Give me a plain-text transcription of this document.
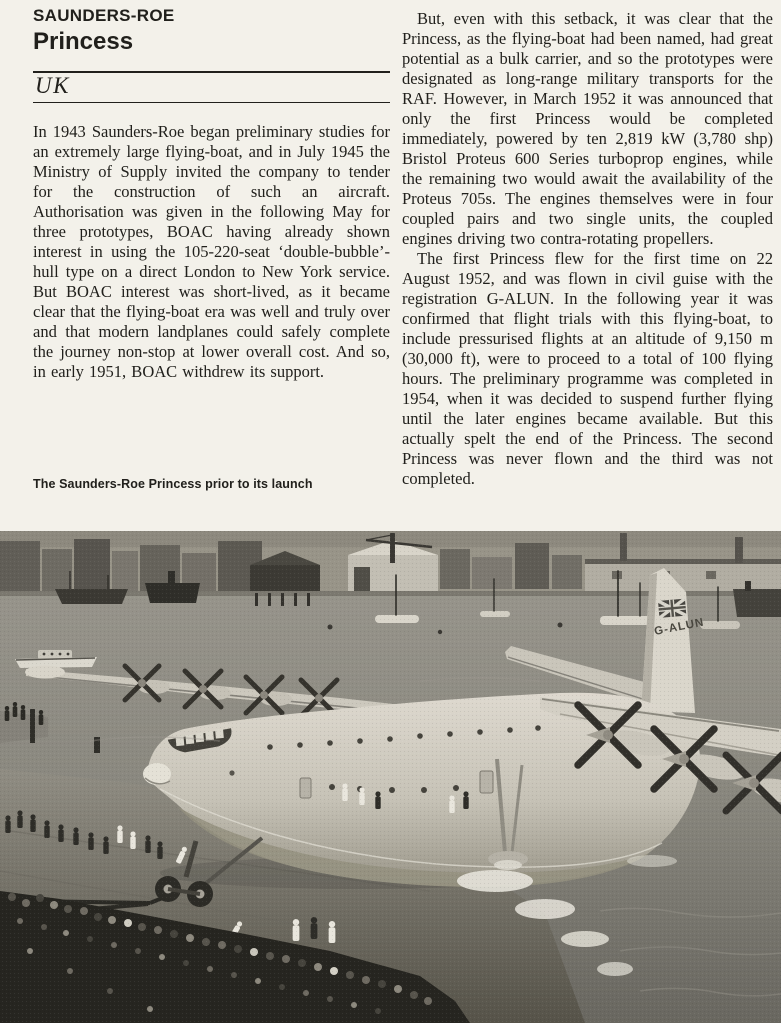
SAUNDERS-ROE
Princess
UK

In 1943 Saunders-Roe began preliminary studies for an extremely large flying-boat, and in July 1945 the Ministry of Supply invited the company to tender for the construction of such an aircraft. Authorisation was given in the following May for three prototypes, BOAC having already shown interest in using the 105-220-seat ‘double-bubble’-hull type on a direct London to New York service. But BOAC interest was short-lived, as it became clear that the flying-boat era was well and truly over and that modern landplanes could safely complete the journey non-stop at lower overall cost. And so, in early 1951, BOAC withdrew its support.

But, even with this setback, it was clear that the Princess, as the flying-boat had been named, had great potential as a bulk carrier, and so the prototypes were designated as long-range military transports for the RAF. However, in March 1952 it was announced that only the first Princess would be completed immediately, powered by ten 2,819 kW (3,780 shp) Bristol Proteus 600 Series turboprop engines, while the remaining two would await the availability of the Proteus 705s. The engines themselves were in four coupled pairs and two single units, the coupled engines driving two contra-rotating propellers.

The first Princess flew for the first time on 22 August 1952, and was flown in civil guise with the registration G-ALUN. In the following year it was confirmed that flight trials with this flying-boat, to include pressurised flights at an altitude of 9,150 m (30,000 ft), were to proceed to a total of 100 flying hours. The preliminary programme was completed in 1954, when it was decided to suspend further flying until the later engines became available. But this actually spelt the end of the Princess. The second Princess was never flown and the third was not completed.

The Saunders-Roe Princess prior to its launch
